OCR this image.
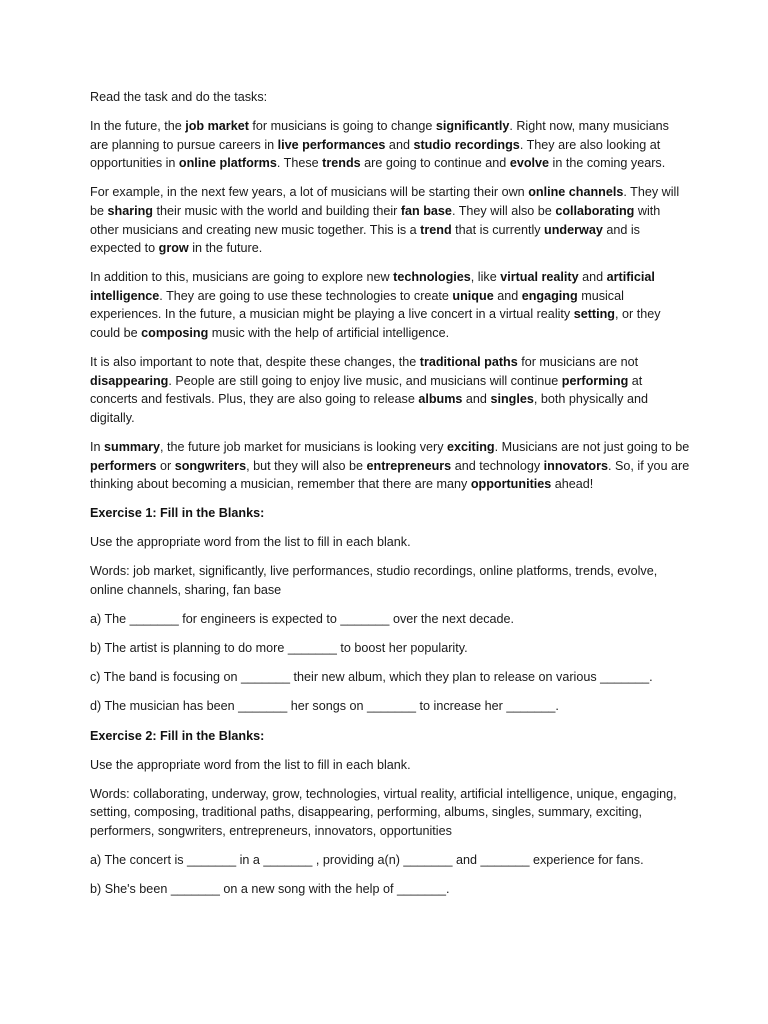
Read the task and do the tasks:

In the future, the job market for musicians is going to change significantly. Right now, many musicians are planning to pursue careers in live performances and studio recordings. They are also looking at opportunities in online platforms. These trends are going to continue and evolve in the coming years.

For example, in the next few years, a lot of musicians will be starting their own online channels. They will be sharing their music with the world and building their fan base. They will also be collaborating with other musicians and creating new music together. This is a trend that is currently underway and is expected to grow in the future.

In addition to this, musicians are going to explore new technologies, like virtual reality and artificial intelligence. They are going to use these technologies to create unique and engaging musical experiences. In the future, a musician might be playing a live concert in a virtual reality setting, or they could be composing music with the help of artificial intelligence.

It is also important to note that, despite these changes, the traditional paths for musicians are not disappearing. People are still going to enjoy live music, and musicians will continue performing at concerts and festivals. Plus, they are also going to release albums and singles, both physically and digitally.

In summary, the future job market for musicians is looking very exciting. Musicians are not just going to be performers or songwriters, but they will also be entrepreneurs and technology innovators. So, if you are thinking about becoming a musician, remember that there are many opportunities ahead!

Exercise 1: Fill in the Blanks:

Use the appropriate word from the list to fill in each blank.

Words: job market, significantly, live performances, studio recordings, online platforms, trends, evolve, online channels, sharing, fan base

a) The _______ for engineers is expected to _______ over the next decade.

b) The artist is planning to do more _______ to boost her popularity.

c) The band is focusing on _______ their new album, which they plan to release on various _______.

d) The musician has been _______ her songs on _______ to increase her _______.

Exercise 2: Fill in the Blanks:

Use the appropriate word from the list to fill in each blank.

Words: collaborating, underway, grow, technologies, virtual reality, artificial intelligence, unique, engaging, setting, composing, traditional paths, disappearing, performing, albums, singles, summary, exciting, performers, songwriters, entrepreneurs, innovators, opportunities

a) The concert is _______ in a _______ , providing a(n) _______ and _______ experience for fans.

b) She's been _______ on a new song with the help of _______.
